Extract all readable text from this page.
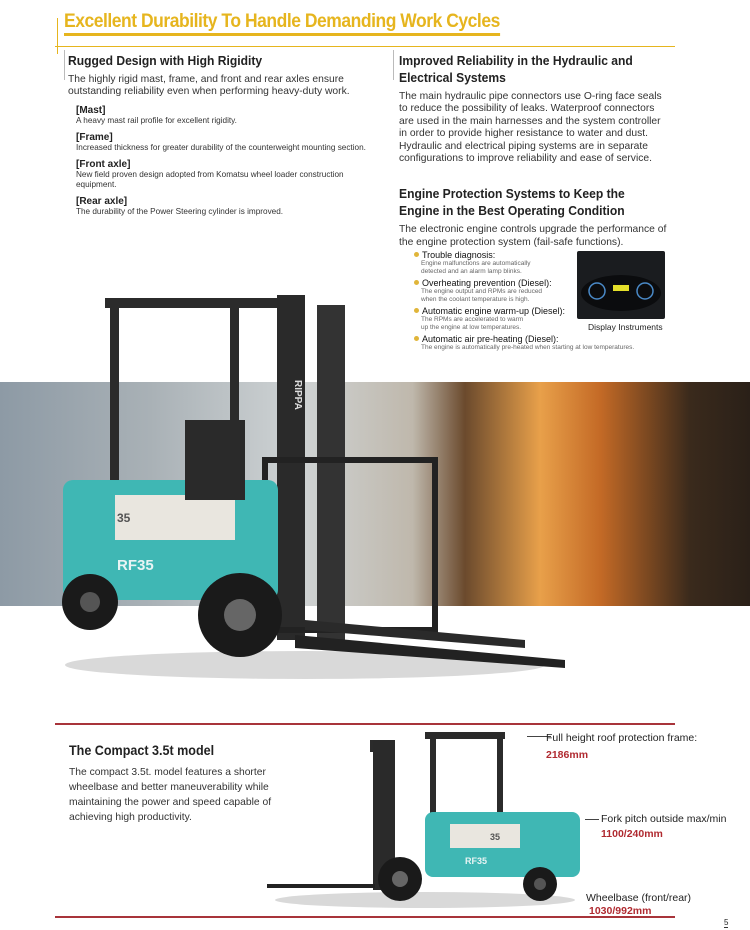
Excellent Durability To Handle Demanding Work Cycles
Rugged Design with High Rigidity

The highly rigid mast, frame, and front and rear axles ensure outstanding reliability even when performing heavy-duty work.

[Mast]
A heavy mast rail profile for excellent rigidity.
[Frame]
Increased thickness for greater durability of the counterweight mounting section.
[Front axle]
New field proven design adopted from Komatsu wheel loader construction equipment.
[Rear axle]
The durability of the Power Steering cylinder is improved.
Improved Reliability in the Hydraulic and Electrical Systems

The main hydraulic pipe connectors use O-ring face seals to reduce the possibility of leaks. Waterproof connectors are used in the main harnesses and the system controller in order to provide higher resistance to water and dust. Hydraulic and electrical piping systems are in separate configurations to improve reliability and ease of service.

Engine Protection Systems to Keep the Engine in the Best Operating Condition

The electronic engine controls upgrade the performance of the engine protection system (fail-safe functions).

Trouble diagnosis:
Engine malfunctions are automatically detected and an alarm lamp blinks.
Overheating prevention (Diesel):
The engine output and RPMs are reduced when the coolant temperature is high.
Automatic engine warm-up (Diesel):
The RPMs are accelerated to warm up the engine at low temperatures.
Automatic air pre-heating (Diesel):
The engine is automatically pre-heated when starting at low temperatures.
Display Instruments
35
RF35
RIPPA
The Compact 3.5t model

The compact 3.5t. model features a shorter wheelbase and better maneuverability while maintaining the power and speed capable of achieving high productivity.

35
RF35
Full height roof protection frame:
2186mm
Fork pitch outside max/min
1100/240mm
Wheelbase (front/rear)
1030/992mm
5
